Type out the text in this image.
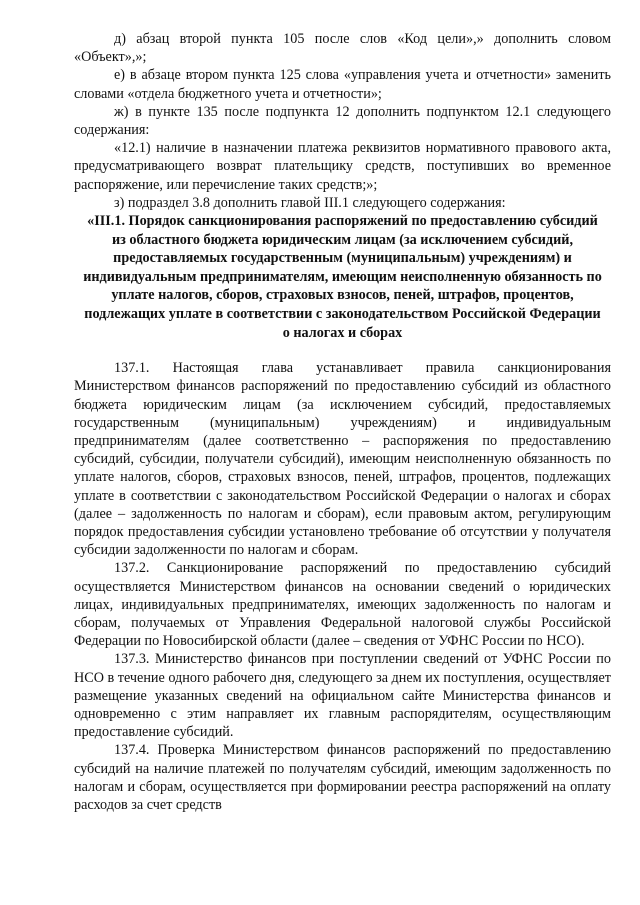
д) абзац второй пункта 105 после слов «Код цели»,» дополнить словом «Объект»,»;

е) в абзаце втором пункта 125 слова «управления учета и отчетности» заменить словами «отдела бюджетного учета и отчетности»;

ж) в пункте 135 после подпункта 12 дополнить подпунктом 12.1 следующего содержания:

«12.1) наличие в назначении платежа реквизитов нормативного правового акта, предусматривающего возврат плательщику средств, поступивших во временное распоряжение, или перечисление таких средств;»;

з) подраздел 3.8 дополнить главой III.1 следующего содержания:

«III.1. Порядок санкционирования распоряжений по предоставлению субсидий из областного бюджета юридическим лицам (за исключением субсидий, предоставляемых государственным (муниципальным) учреждениям) и индивидуальным предпринимателям, имеющим неисполненную обязанность по уплате налогов, сборов, страховых взносов, пеней, штрафов, процентов, подлежащих уплате в соответствии с законодательством Российской Федерации о налогах и сборах

137.1. Настоящая глава устанавливает правила санкционирования Министерством финансов распоряжений по предоставлению субсидий из областного бюджета юридическим лицам (за исключением субсидий, предоставляемых государственным (муниципальным) учреждениям) и индивидуальным предпринимателям (далее соответственно – распоряжения по предоставлению субсидий, субсидии, получатели субсидий), имеющим неисполненную обязанность по уплате налогов, сборов, страховых взносов, пеней, штрафов, процентов, подлежащих уплате в соответствии с законодательством Российской Федерации о налогах и сборах (далее – задолженность по налогам и сборам), если правовым актом, регулирующим порядок предоставления субсидии установлено требование об отсутствии у получателя субсидии задолженности по налогам и сборам.

137.2. Санкционирование распоряжений по предоставлению субсидий осуществляется Министерством финансов на основании сведений о юридических лицах, индивидуальных предпринимателях, имеющих задолженность по налогам и сборам, получаемых от Управления Федеральной налоговой службы Российской Федерации по Новосибирской области (далее – сведения от УФНС России по НСО).

137.3. Министерство финансов при поступлении сведений от УФНС России по НСО в течение одного рабочего дня, следующего за днем их поступления, осуществляет размещение указанных сведений на официальном сайте Министерства финансов и одновременно с этим направляет их главным распорядителям, осуществляющим предоставление субсидий.

137.4. Проверка Министерством финансов распоряжений по предоставлению субсидий на наличие платежей по получателям субсидий, имеющим задолженность по налогам и сборам, осуществляется при формировании реестра распоряжений на оплату расходов за счет средств
